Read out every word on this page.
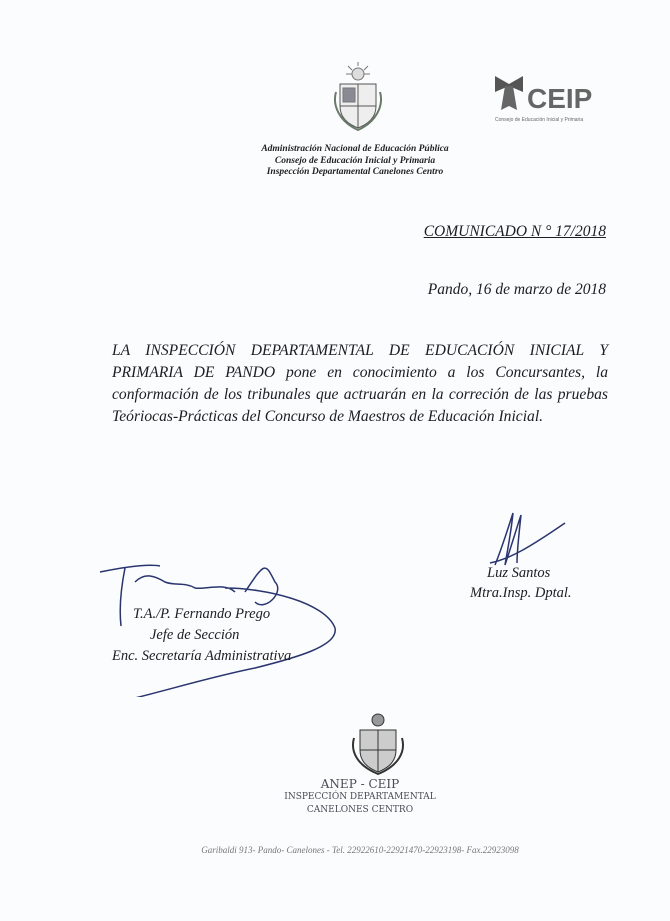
CEIP
Consejo de Educación Inicial y Primaria
Administración Nacional de Educación Pública
Consejo de Educación Inicial y Primaria
Inspección Departamental Canelones Centro
COMUNICADO N ° 17/2018
Pando, 16 de marzo de 2018
LA INSPECCIÓN DEPARTAMENTAL DE EDUCACIÓN INICIAL Y PRIMARIA DE PANDO pone en conocimiento a los Concursantes, la conformación de los tribunales que actruarán en la correción de las pruebas Teóriocas-Prácticas del Concurso de Maestros de Educación Inicial.
Luz Santos
Mtra.Insp. Dptal.
T.A./P. Fernando Prego
Jefe de Sección
Enc. Secretaría Administrativa
ANEP - CEIP
INSPECCIÓN DEPARTAMENTAL
CANELONES CENTRO
Garibaldi 913- Pando- Canelones - Tel. 22922610-22921470-22923198- Fax.22923098
